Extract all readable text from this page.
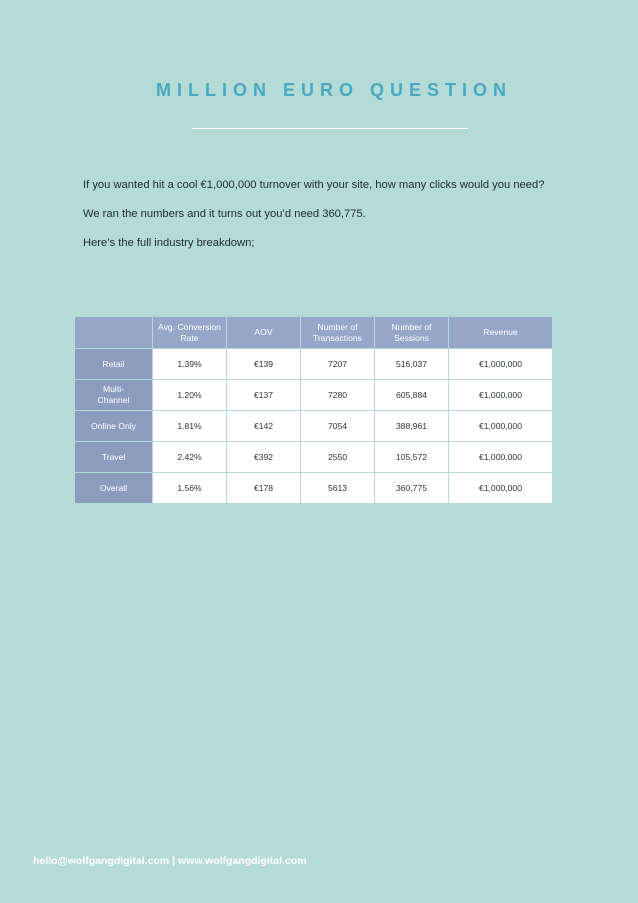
MILLION EURO QUESTION

If you wanted hit a cool €1,000,000 turnover with your site, how many clicks would you need?

We ran the numbers and it turns out you’d need 360,775.

Here’s the full industry breakdown;

	Avg. Conversion Rate	AOV	Number of Transactions	Number of Sessions	Revenue
Retail	1.39%	€139	7207	516,037	€1,000,000
Multi-Channel	1.20%	€137	7280	605,884	€1,000,000
Online Only	1.81%	€142	7054	388,961	€1,000,000
Travel	2.42%	€392	2550	105,572	€1,000,000
Overall	1.56%	€178	5613	360,775	€1,000,000
hello@wolfgangdigital.com | www.wolfgangdigital.com
